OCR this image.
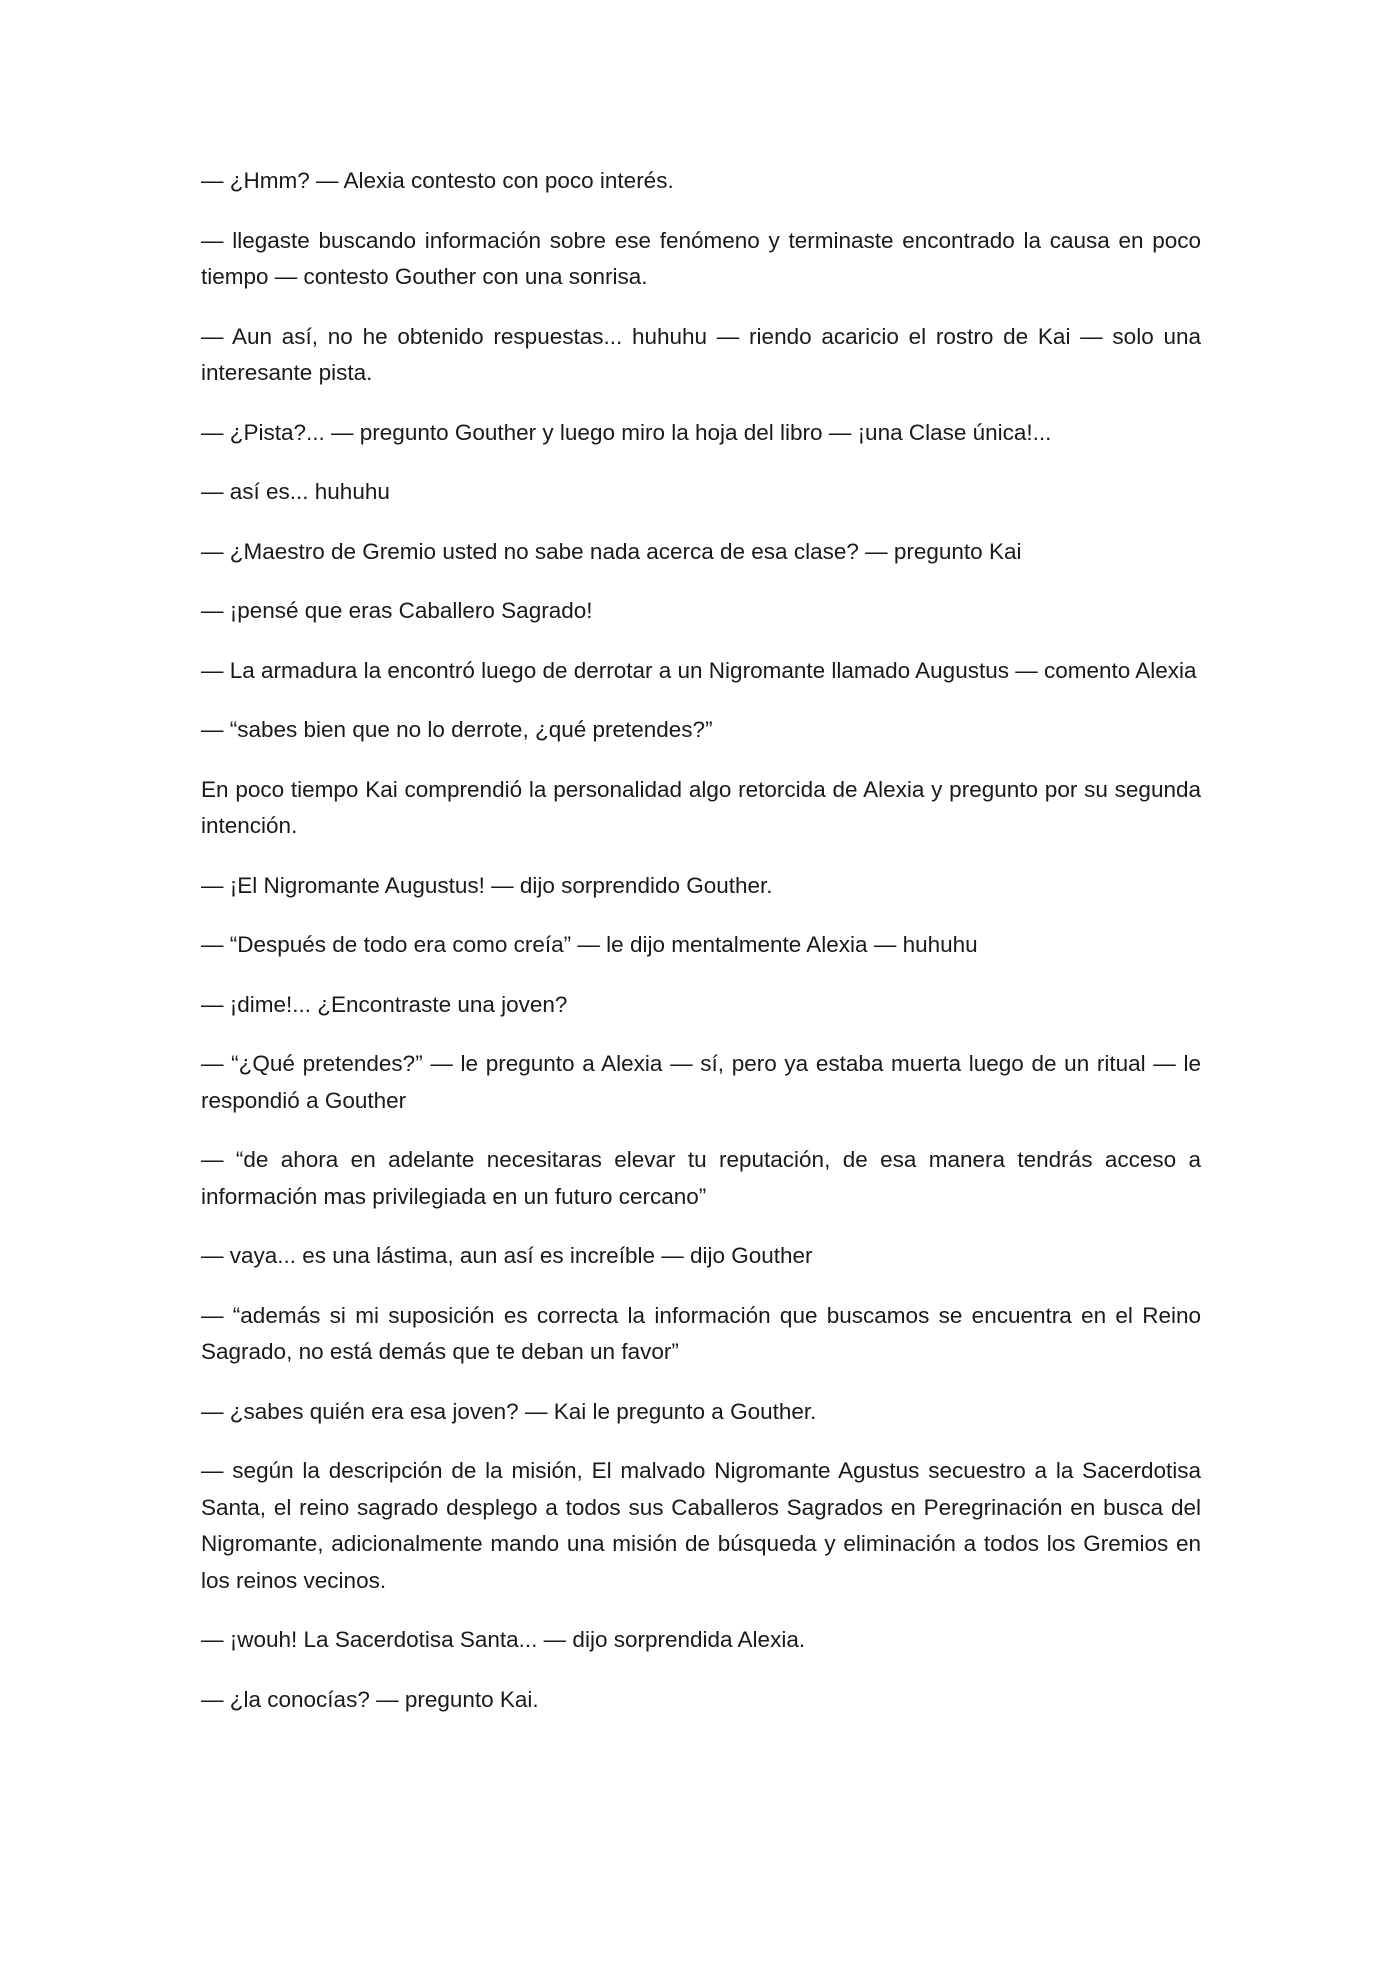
— ¿Hmm? — Alexia contesto con poco interés.

— llegaste buscando información sobre ese fenómeno y terminaste encontrado la causa en poco tiempo — contesto Gouther con una sonrisa.

— Aun así, no he obtenido respuestas... huhuhu — riendo acaricio el rostro de Kai — solo una interesante pista.

— ¿Pista?... — pregunto Gouther y luego miro la hoja del libro — ¡una Clase única!...

— así es... huhuhu

— ¿Maestro de Gremio usted no sabe nada acerca de esa clase? — pregunto Kai

— ¡pensé que eras Caballero Sagrado!

— La armadura la encontró luego de derrotar a un Nigromante llamado Augustus — comento Alexia

— “sabes bien que no lo derrote, ¿qué pretendes?”

En poco tiempo Kai comprendió la personalidad algo retorcida de Alexia y pregunto por su segunda intención.

— ¡El Nigromante Augustus! — dijo sorprendido Gouther.

— “Después de todo era como creía” — le dijo mentalmente Alexia — huhuhu

— ¡dime!... ¿Encontraste una joven?

— “¿Qué pretendes?” — le pregunto a Alexia — sí, pero ya estaba muerta luego de un ritual — le respondió a Gouther

— “de ahora en adelante necesitaras elevar tu reputación, de esa manera tendrás acceso a información mas privilegiada en un futuro cercano”

— vaya... es una lástima, aun así es increíble — dijo Gouther

— “además si mi suposición es correcta la información que buscamos se encuentra en el Reino Sagrado, no está demás que te deban un favor”

— ¿sabes quién era esa joven? — Kai le pregunto a Gouther.

— según la descripción de la misión, El malvado Nigromante Agustus secuestro a la Sacerdotisa Santa, el reino sagrado desplego a todos sus Caballeros Sagrados en Peregrinación en busca del Nigromante, adicionalmente mando una misión de búsqueda y eliminación a todos los Gremios en los reinos vecinos.

— ¡wouh! La Sacerdotisa Santa... — dijo sorprendida Alexia.

— ¿la conocías? — pregunto Kai.
